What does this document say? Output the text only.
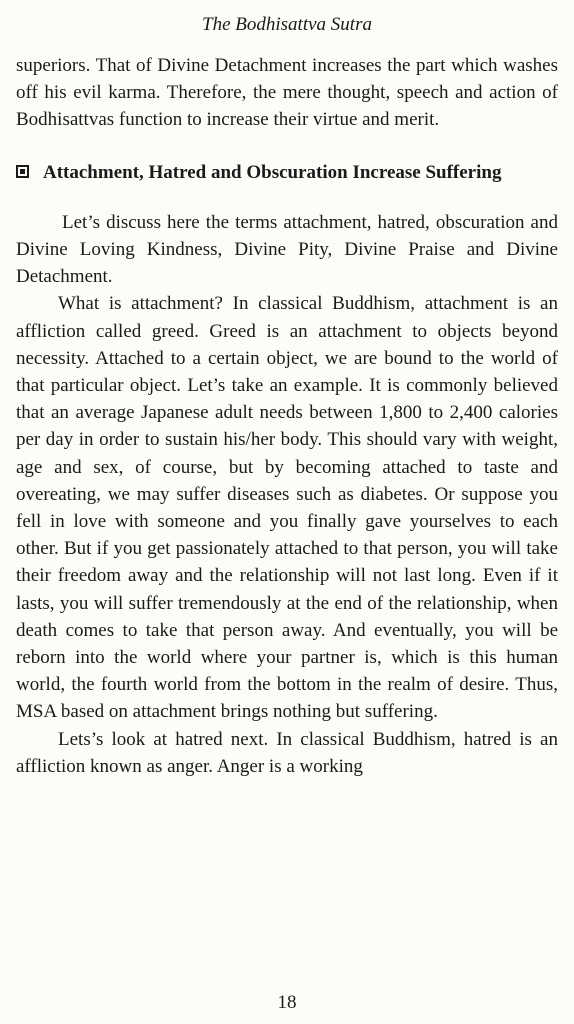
The Bodhisattva Sutra

superiors. That of Divine Detachment increases the part which washes off his evil karma. Therefore, the mere thought, speech and action of Bodhisattvas function to increase their virtue and merit.

Attachment, Hatred and Obscuration Increase Suffering

Let’s discuss here the terms attachment, hatred, obscuration and Divine Loving Kindness, Divine Pity, Divine Praise and Divine Detachment.

What is attachment? In classical Buddhism, attachment is an affliction called greed. Greed is an attachment to objects beyond necessity. Attached to a certain object, we are bound to the world of that particular object. Let’s take an example. It is commonly believed that an average Japanese adult needs between 1,800 to 2,400 calories per day in order to sustain his/her body. This should vary with weight, age and sex, of course, but by becoming attached to taste and overeating, we may suffer diseases such as diabetes. Or suppose you fell in love with someone and you finally gave yourselves to each other. But if you get passionately attached to that person, you will take their freedom away and the relationship will not last long. Even if it lasts, you will suffer tremendously at the end of the relationship, when death comes to take that person away. And eventually, you will be reborn into the world where your partner is, which is this human world, the fourth world from the bottom in the realm of desire. Thus, MSA based on attachment brings nothing but suffering.

Lets’s look at hatred next. In classical Buddhism, hatred is an affliction known as anger. Anger is a working

18
